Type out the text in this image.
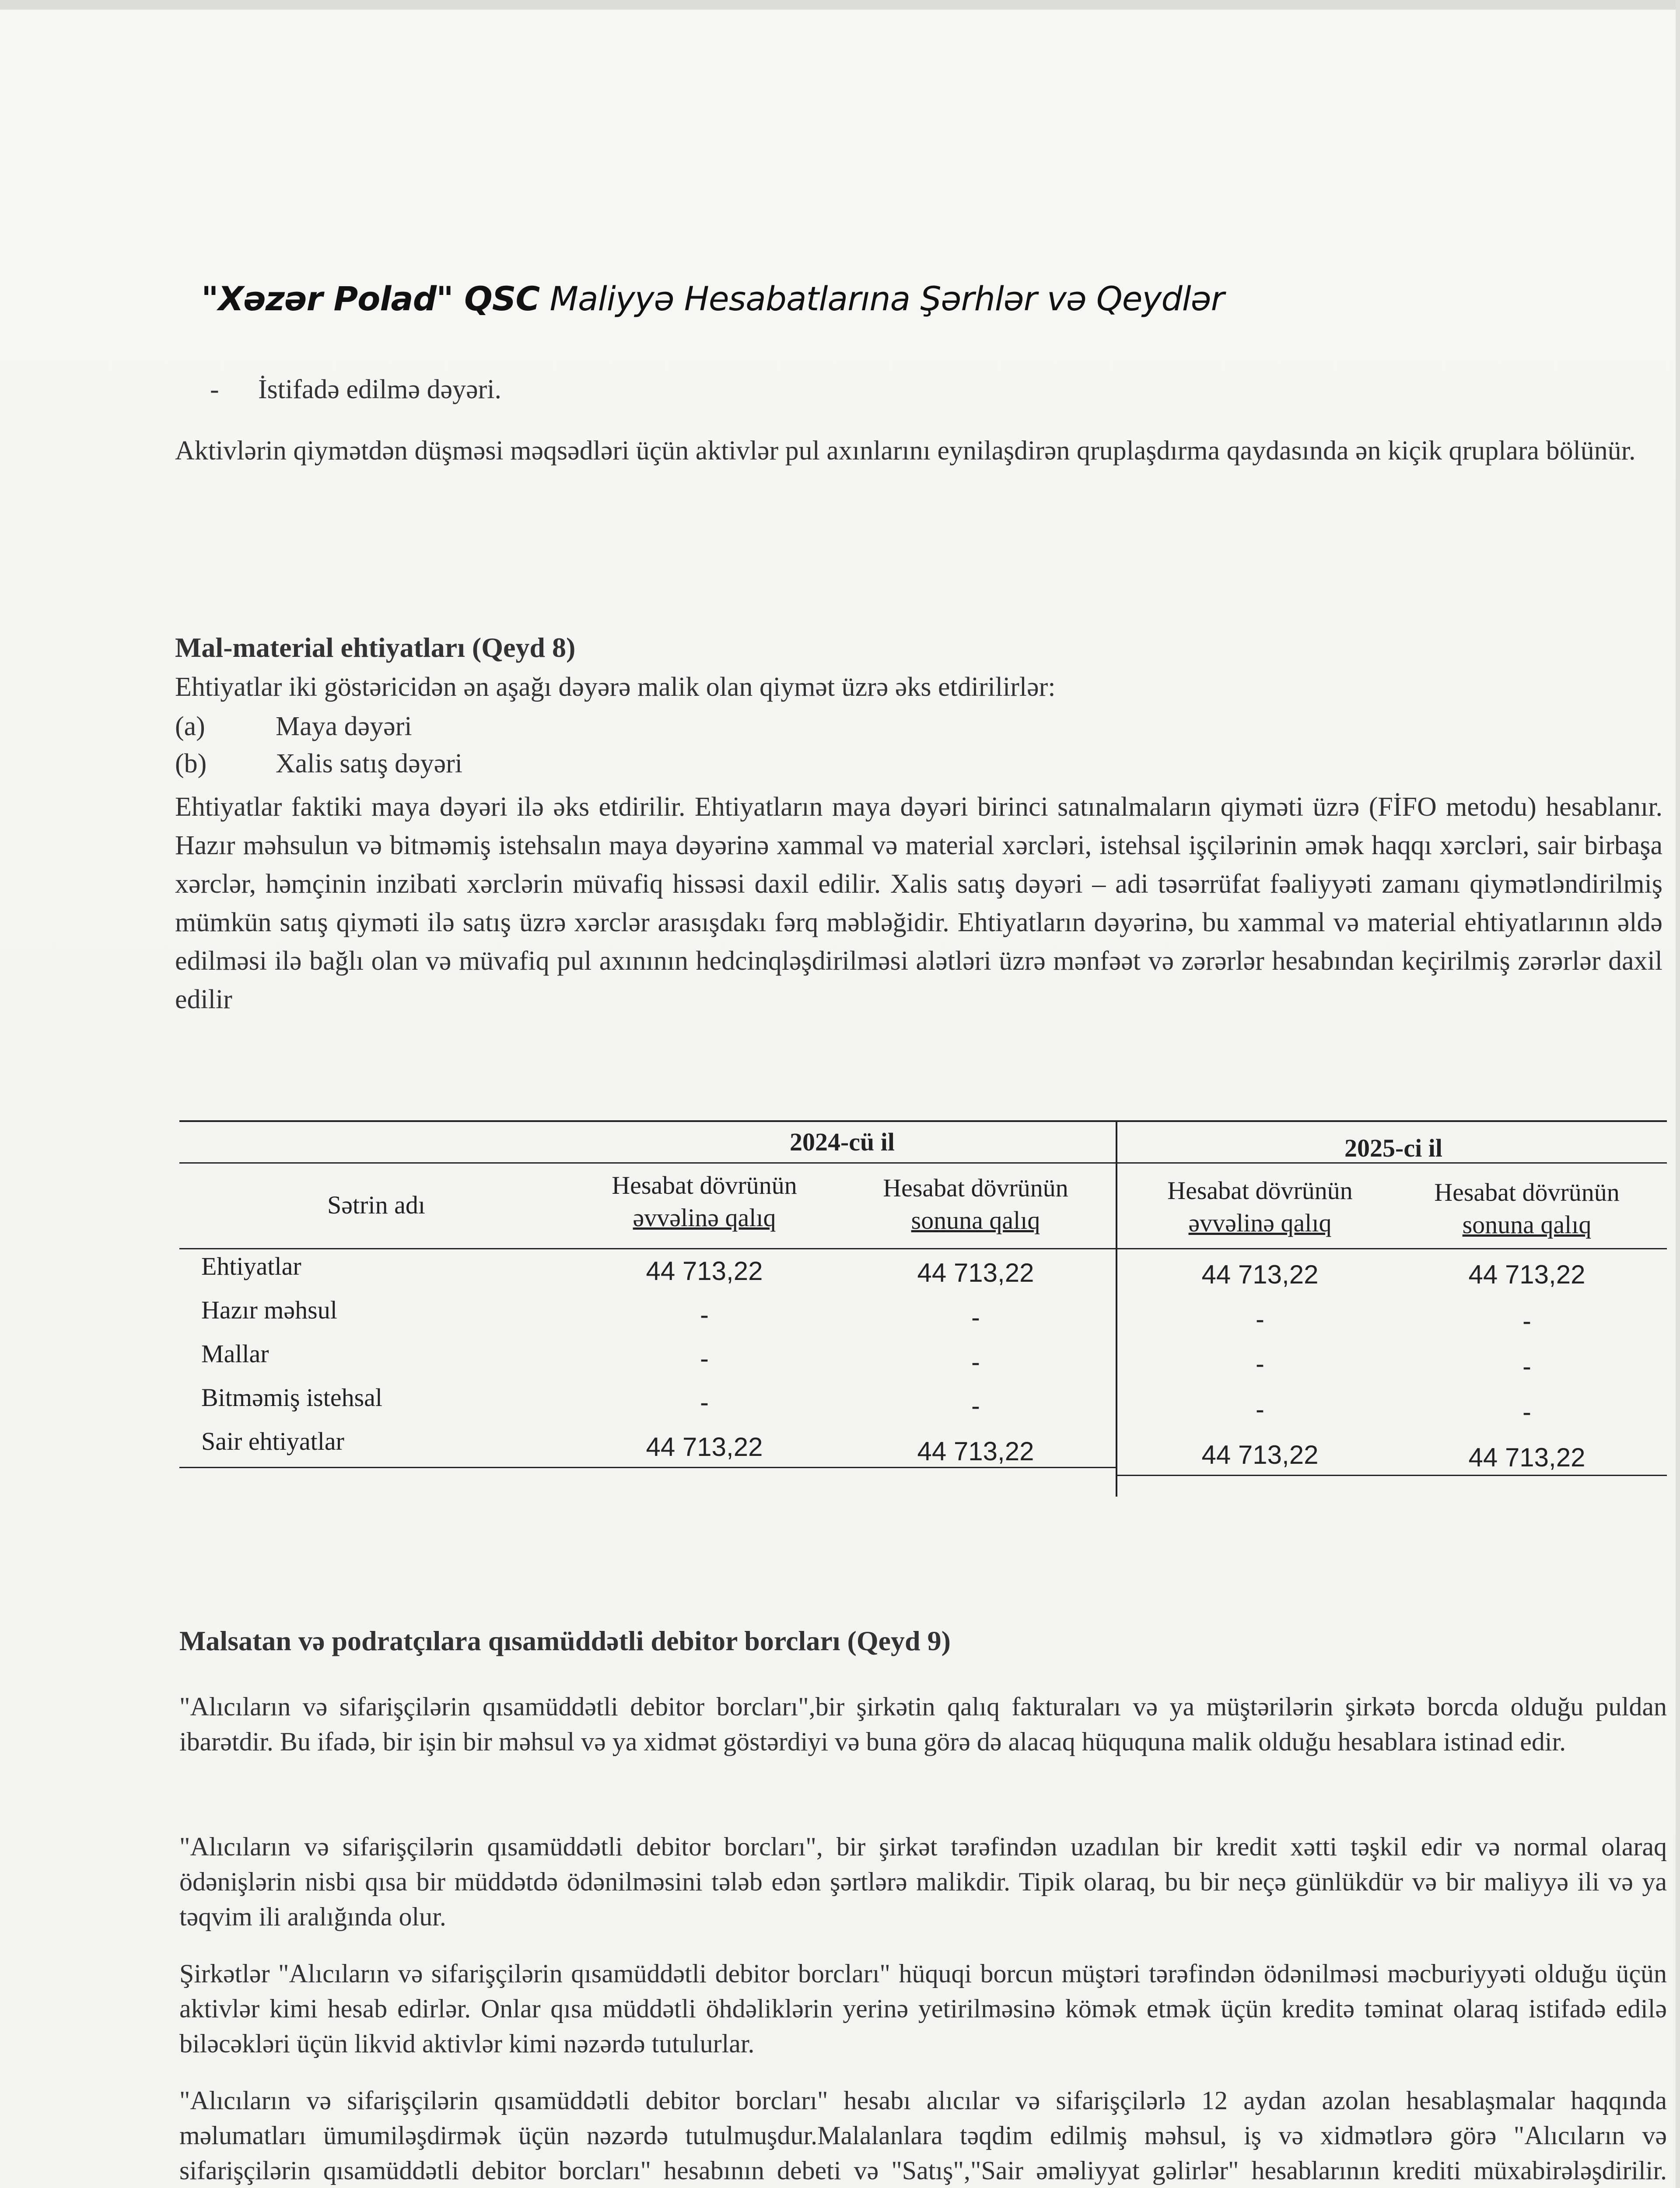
"Xəzər Polad" QSC Maliyyə Hesabatlarına Şərhlər və Qeydlər
- İstifadə edilmə dəyəri.
Aktivlərin qiymətdən düşməsi məqsədləri üçün aktivlər pul axınlarını eynilaşdirən qruplaşdırma qaydasında ən kiçik qruplara bölünür.
Mal-material ehtiyatları (Qeyd 8)
Ehtiyatlar iki göstəricidən ən aşağı dəyərə malik olan qiymət üzrə əks etdirilirlər:
(a)	Maya dəyəri
(b)	Xalis satış dəyəri
Ehtiyatlar faktiki maya dəyəri ilə əks etdirilir. Ehtiyatların maya dəyəri birinci satınalmaların qiyməti üzrə (FİFO metodu) hesablanır. Hazır məhsulun və bitməmiş istehsalın maya dəyərinə xammal və material xərcləri, istehsal işçilərinin əmək haqqı xərcləri, sair birbaşa xərclər, həmçinin inzibati xərclərin müvafiq hissəsi daxil edilir. Xalis satış dəyəri – adi təsərrüfat fəaliyyəti zamanı qiymətləndirilmiş mümkün satış qiyməti ilə satış üzrə xərclər arasışdakı fərq məbləğidir. Ehtiyatların dəyərinə, bu xammal və material ehtiyatlarının əldə edilməsi ilə bağlı olan və müvafiq pul axınının hedcinqləşdirilməsi alətləri üzrə mənfəət və zərərlər hesabından keçirilmiş zərərlər daxil edilir
2024-cü il	2025-ci il
Sətrin adı
Hesabat dövrünün
əvvəlinə qalıq
Hesabat dövrünün
sonuna qalıq
Hesabat dövrünün
əvvəlinə qalıq
Hesabat dövrünün
sonuna qalıq
Ehtiyatlar	44 713,22	44 713,22	44 713,22	44 713,22
Hazır məhsul	-	-	-	-
Mallar	-	-	-	-
Bitməmiş istehsal	-	-	-	-
Sair ehtiyatlar	44 713,22	44 713,22	44 713,22	44 713,22
Malsatan və podratçılara qısamüddətli debitor borcları (Qeyd 9)
"Alıcıların və sifarişçilərin qısamüddətli debitor borcları",bir şirkətin qalıq fakturaları və ya müştərilərin şirkətə borcda olduğu puldan ibarətdir. Bu ifadə, bir işin bir məhsul və ya xidmət göstərdiyi və buna görə də alacaq hüququna malik olduğu hesablara istinad edir.
"Alıcıların və sifarişçilərin qısamüddətli debitor borcları", bir şirkət tərəfindən uzadılan bir kredit xətti təşkil edir və normal olaraq ödənişlərin nisbi qısa bir müddətdə ödənilməsini tələb edən şərtlərə malikdir. Tipik olaraq, bu bir neçə günlükdür və bir maliyyə ili və ya təqvim ili aralığında olur.
Şirkətlər "Alıcıların və sifarişçilərin qısamüddətli debitor borcları" hüquqi borcun müştəri tərəfindən ödənilməsi məcburiyyəti olduğu üçün aktivlər kimi hesab edirlər. Onlar qısa müddətli öhdəliklərin yerinə yetirilməsinə kömək etmək üçün kreditə təminat olaraq istifadə edilə biləcəkləri üçün likvid aktivlər kimi nəzərdə tutulurlar.
"Alıcıların və sifarişçilərin qısamüddətli debitor borcları" hesabı alıcılar və sifarişçilərlə 12 aydan azolan hesablaşmalar haqqında məlumatları ümumiləşdirmək üçün nəzərdə tutulmuşdur.Malalanlara təqdim edilmiş məhsul, iş və xidmətlərə görə "Alıcıların və sifarişçilərin qısamüddətli debitor borcları" hesabının debeti və "Satış","Sair əməliyyat gəlirlər" hesablarının krediti müxabirələşdirilir.
